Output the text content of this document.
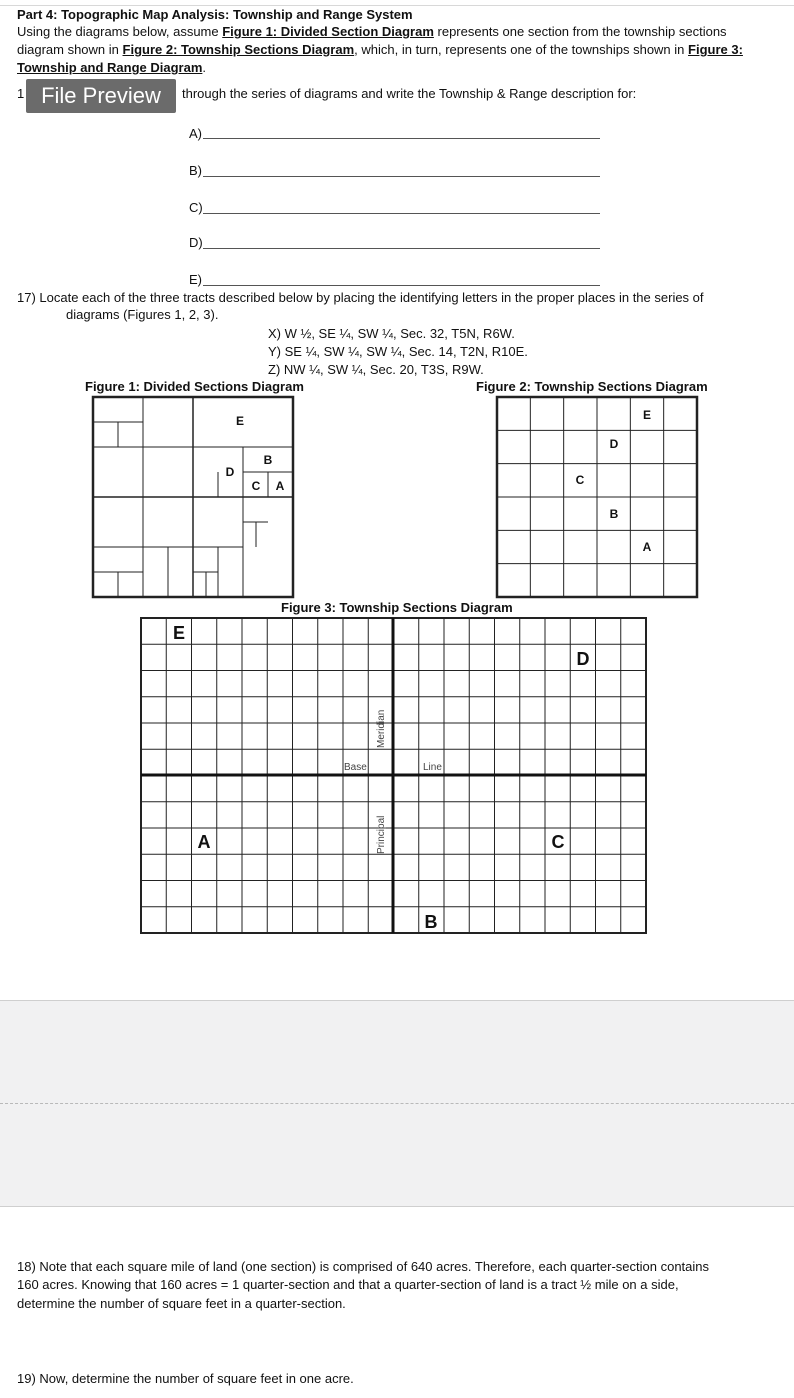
Part 4: Topographic Map Analysis: Township and Range System
Using the diagrams below, assume Figure 1: Divided Section Diagram represents one section from the township sections
diagram shown in Figure 2: Township Sections Diagram, which, in turn, represents one of the townships shown in Figure 3:
Township and Range Diagram.
1	through the series of diagrams and write the Township & Range description for:
File Preview
A)
B)
C)
D)
E)
17) Locate each of the three tracts described below by placing the identifying letters in the proper places in the series of
diagrams (Figures 1, 2, 3).
X) W ½, SE ¼, SW ¼, Sec. 32, T5N, R6W.
Y) SE ¼, SW ¼, SW ¼, Sec. 14, T2N, R10E.
Z) NW ¼, SW ¼, Sec. 20, T3S, R9W.
Figure 1: Divided Sections Diagram	Figure 2: Township Sections Diagram
Figure 3: Township Sections Diagram
E
D
B
C A
E
D
C
B
A
E
D
A	C
B
Base	Line
Meridian
Principal
18) Note that each square mile of land (one section) is comprised of 640 acres. Therefore, each quarter-section contains
160 acres. Knowing that 160 acres = 1 quarter-section and that a quarter-section of land is a tract ½ mile on a side,
determine the number of square feet in a quarter-section.
19) Now, determine the number of square feet in one acre.
